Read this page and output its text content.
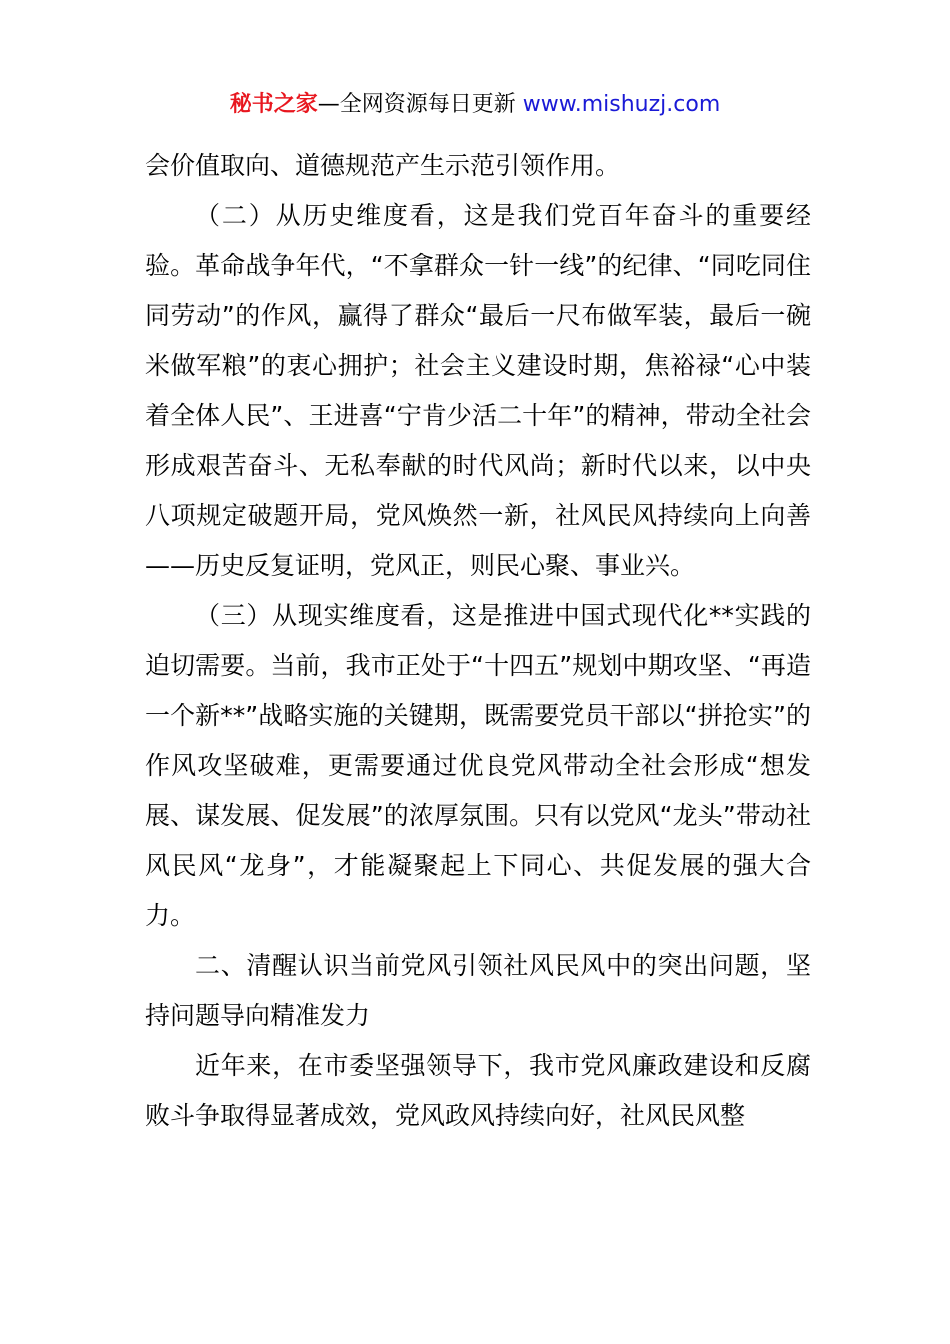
秘书之家—全网资源每日更新 www.mishuzj.com

会价值取向、道德规范产生示范引领作用。

（二）从历史维度看，这是我们党百年奋斗的重要经验。革命战争年代，“不拿群众一针一线”的纪律、“同吃同住同劳动”的作风，赢得了群众“最后一尺布做军装，最后一碗米做军粮”的衷心拥护；社会主义建设时期，焦裕禄“心中装着全体人民”、王进喜“宁肯少活二十年”的精神，带动全社会形成艰苦奋斗、无私奉献的时代风尚；新时代以来，以中央八项规定破题开局，党风焕然一新，社风民风持续向上向善——历史反复证明，党风正，则民心聚、事业兴。

（三）从现实维度看，这是推进中国式现代化**实践的迫切需要。当前，我市正处于“十四五”规划中期攻坚、“再造一个新**”战略实施的关键期，既需要党员干部以“拼抢实”的作风攻坚破难，更需要通过优良党风带动全社会形成“想发展、谋发展、促发展”的浓厚氛围。只有以党风“龙头”带动社风民风“龙身”，才能凝聚起上下同心、共促发展的强大合力。

二、清醒认识当前党风引领社风民风中的突出问题，坚持问题导向精准发力

近年来，在市委坚强领导下，我市党风廉政建设和反腐败斗争取得显著成效，党风政风持续向好，社风民风整
